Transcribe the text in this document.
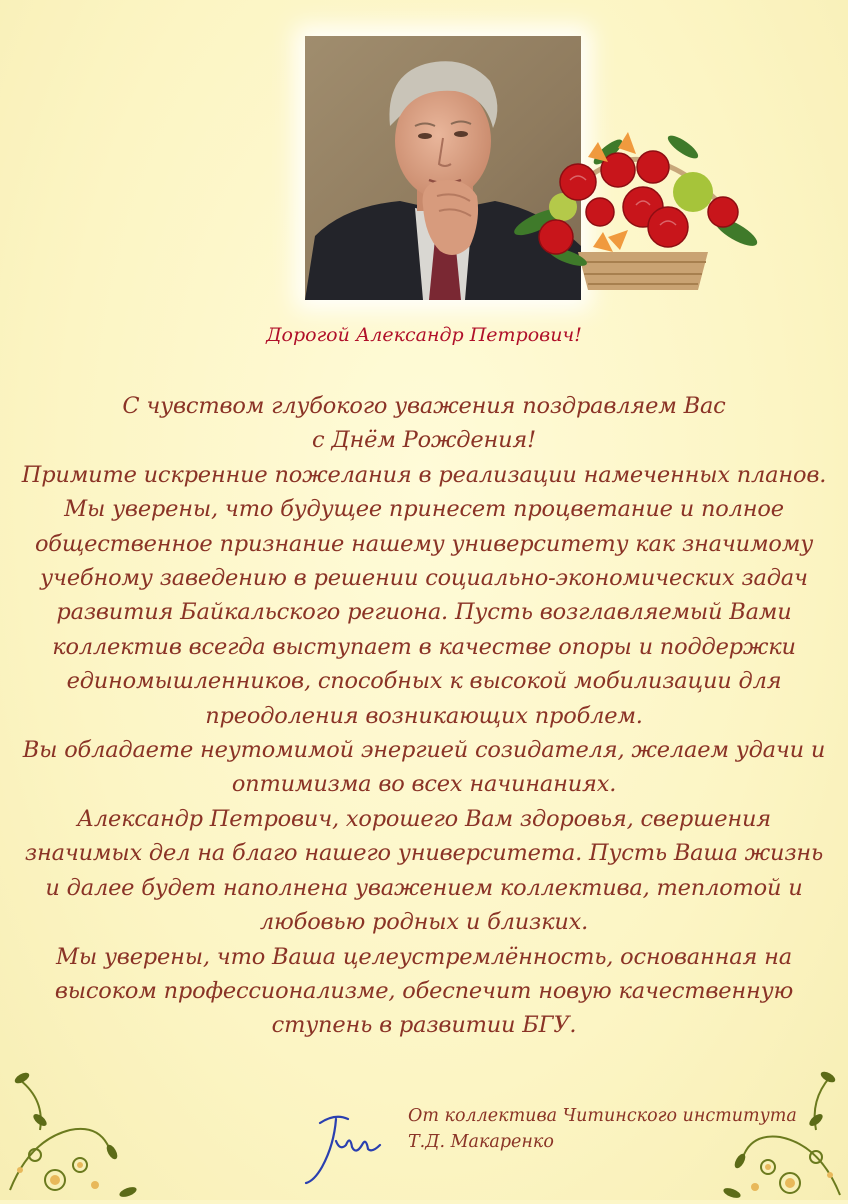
Дорогой Александр Петрович!
С чувством глубокого уважения поздравляем Вас
с Днём Рождения!
Примите искренние пожелания в реализации намеченных планов.
Мы уверены, что будущее принесет процветание и полное
общественное признание нашему университету как значимому
учебному заведению в решении социально-экономических задач
развития Байкальского региона. Пусть возглавляемый Вами
коллектив всегда выступает в качестве опоры и поддержки
единомышленников, способных к высокой мобилизации для
преодоления возникающих проблем.
Вы обладаете неутомимой энергией созидателя, желаем удачи и
оптимизма во всех начинаниях.
Александр Петрович, хорошего Вам здоровья, свершения
значимых дел на благо нашего университета. Пусть Ваша жизнь
и далее будет наполнена уважением коллектива, теплотой и
любовью родных и близких.
Мы уверены, что Ваша целеустремлённость, основанная на
высоком профессионализме, обеспечит новую качественную
ступень в развитии БГУ.
От коллектива Читинского института
Т.Д. Макаренко
